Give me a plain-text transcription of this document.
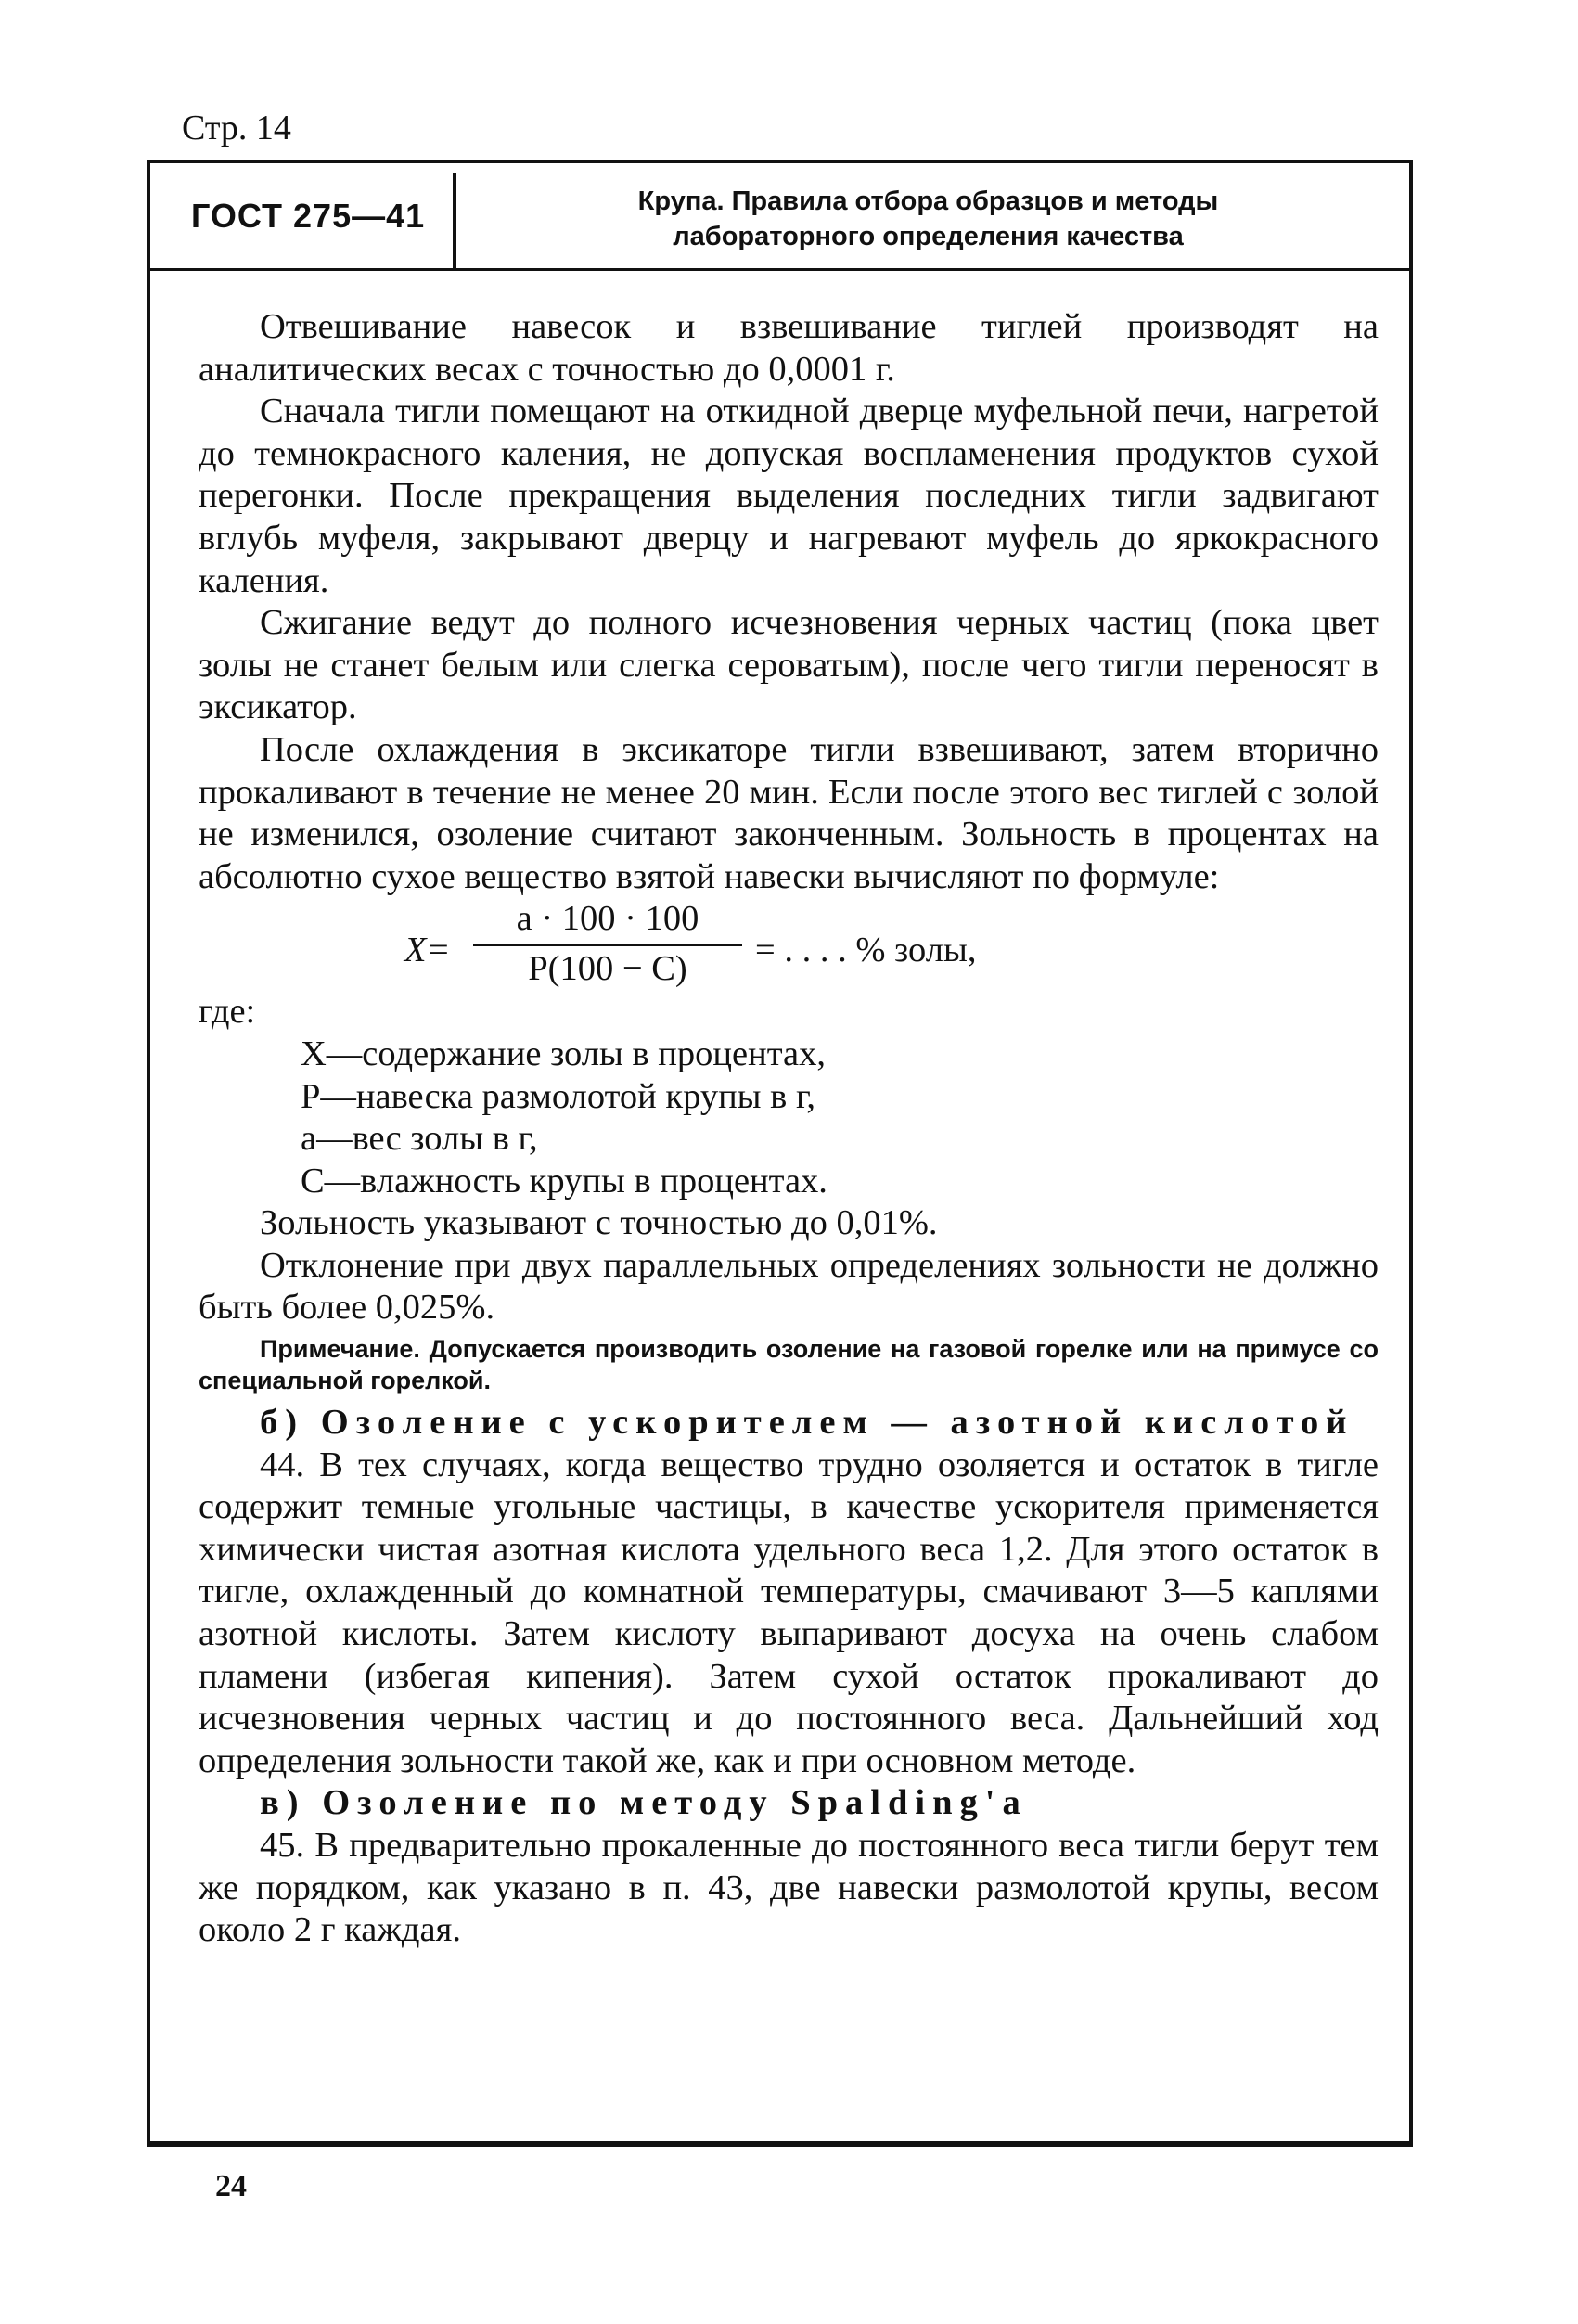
Стр. 14
ГОСТ 275—41	Крупа. Правила отбора образцов и методы
лабораторного определения качества

Отвешивание навесок и взвешивание тиглей производят на аналитических весах с точностью до 0,0001 г.

Сначала тигли помещают на откидной дверце муфельной печи, нагретой до темнокрасного каления, не допуская воспламенения продуктов сухой перегонки. После прекращения выделения последних тигли задвигают вглубь муфеля, закрывают дверцу и нагревают муфель до яркокрасного каления.

Сжигание ведут до полного исчезновения черных частиц (пока цвет золы не станет белым или слегка сероватым), после чего тигли переносят в эксикатор.

После охлаждения в эксикаторе тигли взвешивают, затем вторично прокаливают в течение не менее 20 мин. Если после этого вес тиглей с золой не изменился, озоление считают законченным. Зольность в процентах на абсолютно сухое вещество взятой навески вычисляют по формуле:

X=
a · 100 · 100
P(100 − C)	= . . . . % золы,

где:

X—содержание золы в процентах,

P—навеска размолотой крупы в г,

a—вес золы в г,

C—влажность крупы в процентах.

Зольность указывают с точностью до 0,01%.

Отклонение при двух параллельных определениях зольности не должно быть более 0,025%.

Примечание. Допускается производить озоление на газовой горелке или на примусе со специальной горелкой.

б) Озоление с ускорителем — азотной кислотой

44. В тех случаях, когда вещество трудно озоляется и остаток в тигле содержит темные угольные частицы, в качестве ускорителя применяется химически чистая азотная кислота удельного веса 1,2. Для этого остаток в тигле, охлажденный до комнатной температуры, смачивают 3—5 каплями азотной кислоты. Затем кислоту выпаривают досуха на очень слабом пламени (избегая кипения). Затем сухой остаток прокаливают до исчезновения черных частиц и до постоянного веса. Дальнейший ход определения зольности такой же, как и при основном методе.

в) Озоление по методу Spalding'a

45. В предварительно прокаленные до постоянного веса тигли берут тем же порядком, как указано в п. 43, две навески размолотой крупы, весом около 2 г каждая.

24
